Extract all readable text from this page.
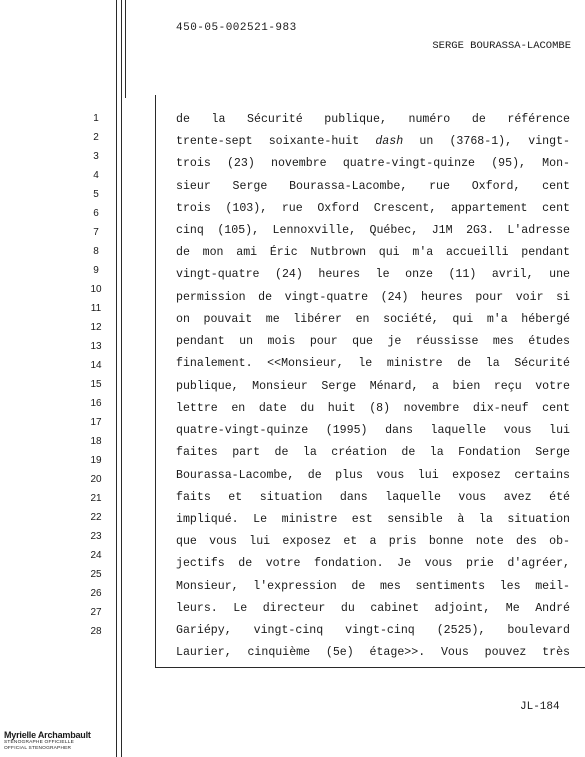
450-05-002521-983
SERGE BOURASSA-LACOMBE
1
2
3
4
5
6
7
8
9
10
11
12
13
14
15
16
17
18
19
20
21
22
23
24
25
26
27
28
de la Sécurité publique, numéro de référence
trente-sept soixante-huit dash un (3768-1), vingt-
trois (23) novembre quatre-vingt-quinze (95), Mon-
sieur Serge Bourassa-Lacombe, rue Oxford, cent
trois (103), rue Oxford Crescent, appartement cent
cinq (105), Lennoxville, Québec, J1M 2G3. L'adresse
de mon ami Éric Nutbrown qui m'a accueilli pendant
vingt-quatre (24) heures le onze (11) avril, une
permission de vingt-quatre (24) heures pour voir si
on pouvait me libérer en société, qui m'a hébergé
pendant un mois pour que je réussisse mes études
finalement. <<Monsieur, le ministre de la Sécurité
publique, Monsieur Serge Ménard, a bien reçu votre
lettre en date du huit (8) novembre dix-neuf cent
quatre-vingt-quinze (1995) dans laquelle vous lui
faites part de la création de la Fondation Serge
Bourassa-Lacombe, de plus vous lui exposez certains
faits et situation dans laquelle vous avez été
impliqué. Le ministre est sensible à la situation
que vous lui exposez et a pris bonne note des ob-
jectifs de votre fondation. Je vous prie d'agréer,
Monsieur, l'expression de mes sentiments les meil-
leurs. Le directeur du cabinet adjoint, Me André
Gariépy, vingt-cinq vingt-cinq (2525), boulevard
Laurier, cinquième (5e) étage>>. Vous pouvez très
JL-184
Myrielle Archambault
STÉNOGRAPHE OFFICIELLE
OFFICIAL STENOGRAPHER
